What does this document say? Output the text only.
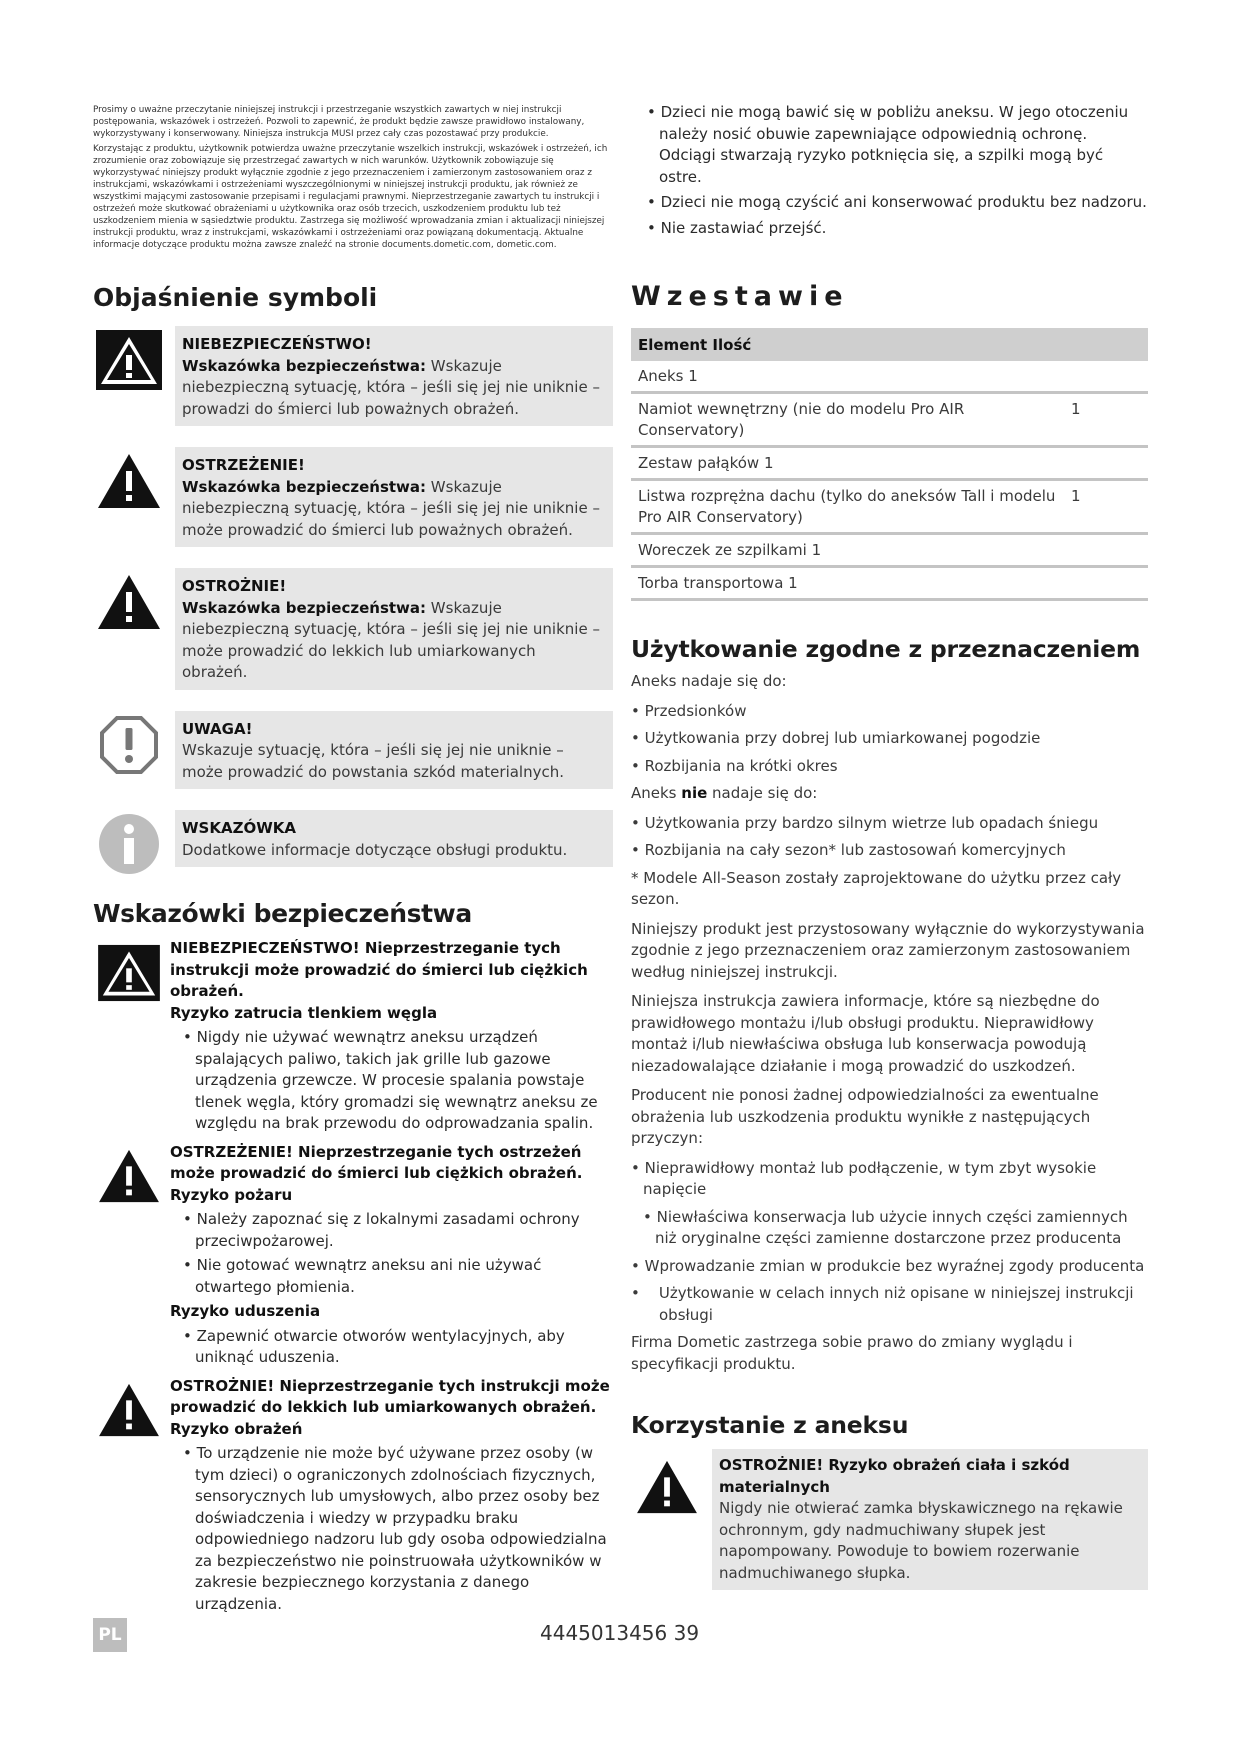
Prosimy o uważne przeczytanie niniejszej instrukcji i przestrzeganie wszystkich zawartych w niej instrukcji postępowania, wskazówek i ostrzeżeń. Pozwoli to zapewnić, że produkt będzie zawsze prawidłowo instalowany, wykorzystywany i konserwowany. Niniejsza instrukcja MUSI przez cały czas pozostawać przy produkcie.

Korzystając z produktu, użytkownik potwierdza uważne przeczytanie wszelkich instrukcji, wskazówek i ostrzeżeń, ich zrozumienie oraz zobowiązuje się przestrzegać zawartych w nich warunków. Użytkownik zobowiązuje się wykorzystywać niniejszy produkt wyłącznie zgodnie z jego przeznaczeniem i zamierzonym zastosowaniem oraz z instrukcjami, wskazówkami i ostrzeżeniami wyszczególnionymi w niniejszej instrukcji produktu, jak również ze wszystkimi mającymi zastosowanie przepisami i regulacjami prawnymi. Nieprzestrzeganie zawartych tu instrukcji i ostrzeżeń może skutkować obrażeniami u użytkownika oraz osób trzecich, uszkodzeniem produktu lub też uszkodzeniem mienia w sąsiedztwie produktu. Zastrzega się możliwość wprowadzania zmian i aktualizacji niniejszej instrukcji produktu, wraz z instrukcjami, wskazówkami i ostrzeżeniami oraz powiązaną dokumentacją. Aktualne informacje dotyczące produktu można zawsze znaleźć na stronie documents.dometic.com, dometic.com.

Objaśnienie symboli
NIEBEZPIECZEŃSTWO!
Wskazówka bezpieczeństwa: Wskazuje niebezpieczną sytuację, która – jeśli się jej nie uniknie – prowadzi do śmierci lub poważnych obrażeń.
OSTRZEŻENIE!
Wskazówka bezpieczeństwa: Wskazuje niebezpieczną sytuację, która – jeśli się jej nie uniknie – może prowadzić do śmierci lub poważnych obrażeń.
OSTROŻNIE!
Wskazówka bezpieczeństwa: Wskazuje niebezpieczną sytuację, która – jeśli się jej nie uniknie – może prowadzić do lekkich lub umiarkowanych obrażeń.
UWAGA!
Wskazuje sytuację, która – jeśli się jej nie uniknie – może prowadzić do powstania szkód materialnych.
WSKAZÓWKA
Dodatkowe informacje dotyczące obsługi produktu.
Wskazówki bezpieczeństwa

NIEBEZPIECZEŃSTWO! Nieprzestrzeganie tych instrukcji może prowadzić do śmierci lub ciężkich obrażeń.

Ryzyko zatrucia tlenkiem węgla

• Nigdy nie używać wewnątrz aneksu urządzeń spalających paliwo, takich jak grille lub gazowe urządzenia grzewcze. W procesie spalania powstaje tlenek węgla, który gromadzi się wewnątrz aneksu ze względu na brak przewodu do odprowadzania spalin.

OSTRZEŻENIE! Nieprzestrzeganie tych ostrzeżeń może prowadzić do śmierci lub ciężkich obrażeń.

Ryzyko pożaru

• Należy zapoznać się z lokalnymi zasadami ochrony przeciwpożarowej.

• Nie gotować wewnątrz aneksu ani nie używać otwartego płomienia.

Ryzyko uduszenia

• Zapewnić otwarcie otworów wentylacyjnych, aby uniknąć uduszenia.

OSTROŻNIE! Nieprzestrzeganie tych instrukcji może prowadzić do lekkich lub umiarkowanych obrażeń.

Ryzyko obrażeń

• To urządzenie nie może być używane przez osoby (w tym dzieci) o ograniczonych zdolnościach fizycznych, sensorycznych lub umysłowych, albo przez osoby bez doświadczenia i wiedzy w przypadku braku odpowiedniego nadzoru lub gdy osoba odpowiedzialna za bezpieczeństwo nie poinstruowała użytkowników w zakresie bezpiecznego korzystania z danego urządzenia.

• Dzieci nie mogą bawić się w pobliżu aneksu. W jego otoczeniu należy nosić obuwie zapewniające odpowiednią ochronę. Odciągi stwarzają ryzyko potknięcia się, a szpilki mogą być ostre.

• Dzieci nie mogą czyścić ani konserwować produktu bez nadzoru.

• Nie zastawiać przejść.

Wzestawie
Element Ilość	
Aneks 1	
Namiot wewnętrzny (nie do modelu Pro AIR Conservatory)	1
Zestaw pałąków 1	
Listwa rozprężna dachu (tylko do aneksów Tall i modelu Pro AIR Conservatory)	1
Woreczek ze szpilkami 1	
Torba transportowa 1	
Użytkowanie zgodne z przeznaczeniem

Aneks nadaje się do:

• Przedsionków

• Użytkowania przy dobrej lub umiarkowanej pogodzie

• Rozbijania na krótki okres

Aneks nie nadaje się do:

• Użytkowania przy bardzo silnym wietrze lub opadach śniegu

• Rozbijania na cały sezon* lub zastosowań komercyjnych

* Modele All-Season zostały zaprojektowane do użytku przez cały sezon.

Niniejszy produkt jest przystosowany wyłącznie do wykorzystywania zgodnie z jego przeznaczeniem oraz zamierzonym zastosowaniem według niniejszej instrukcji.

Niniejsza instrukcja zawiera informacje, które są niezbędne do prawidłowego montażu i/lub obsługi produktu. Nieprawidłowy montaż i/lub niewłaściwa obsługa lub konserwacja powodują niezadowalające działanie i mogą prowadzić do uszkodzeń.

Producent nie ponosi żadnej odpowiedzialności za ewentualne obrażenia lub uszkodzenia produktu wynikłe z następujących przyczyn:

• Nieprawidłowy montaż lub podłączenie, w tym zbyt wysokie napięcie

• Niewłaściwa konserwacja lub użycie innych części zamiennych niż oryginalne części zamienne dostarczone przez producenta

• Wprowadzanie zmian w produkcie bez wyraźnej zgody producenta

•    Użytkowanie w celach innych niż opisane w niniejszej instrukcji obsługi

Firma Dometic zastrzega sobie prawo do zmiany wyglądu i specyfikacji produktu.

Korzystanie z aneksu
OSTROŻNIE! Ryzyko obrażeń ciała i szkód materialnych
Nigdy nie otwierać zamka błyskawicznego na rękawie ochronnym, gdy nadmuchiwany słupek jest napompowany. Powoduje to bowiem rozerwanie nadmuchiwanego słupka.
PL	4445013456 39
